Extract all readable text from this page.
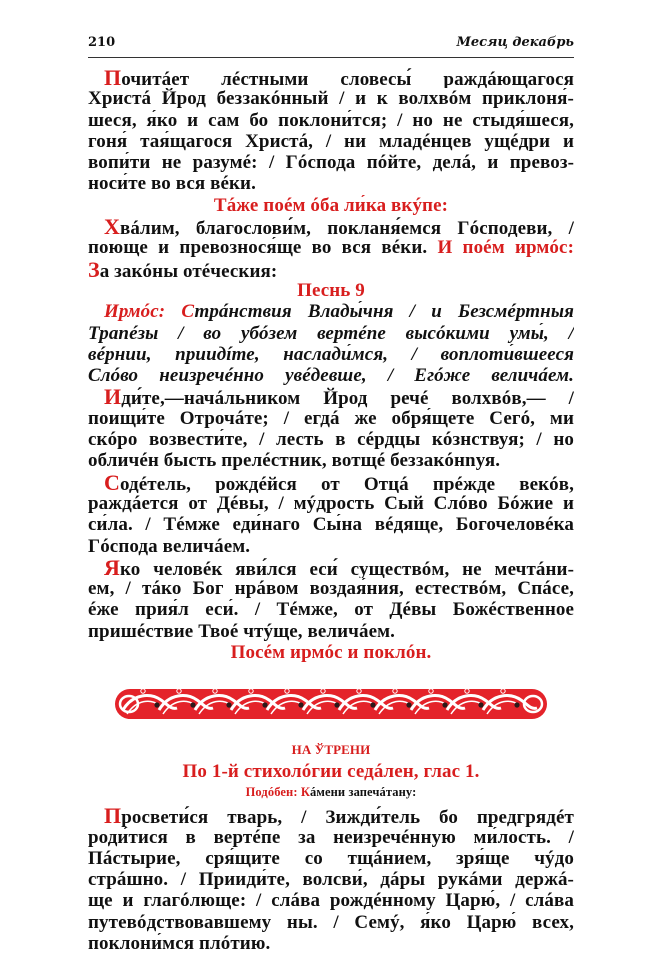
210	Месяц декабрь
Почитáет лéстными словесы́ раждáющагося
Христá Йрод беззакóнный / и к волхвóм приклоня́-
шеся, я́ко и сам бо поклони́тся; / но не стыдя́шеся,
гоня́ тая́щагося Христá, / ни младéнцев ущéдри и
вопи́ти не разумé: / Гóспода пóйте, делá, и превоз-
носи́те во вся вéки.
Тáже поéм óба ли́ка вкýпе:
Хвáлим, благослови́м, покланя́емся Гóсподеви, /
поюще и превознося́ще во вся вéки. И поéм ирмóс:
За закóны отéческия:
Песнь 9
Ирмóс: Стрáнствия Влады́чня / и Безсмéртныя
Трапéзы / во убóзем вертéпе высóкими умы́, /
вéрнии, приидíте, наслади́мся, / воплоти́вшееся
Слóво неизречéнно увéдевше, / Егóже величáем.
Иди́те,—начáльником Йрод речé волхвóв,— /
поищи́те Отрочáте; / егдá же обря́щете Сегó, ми
скóро возвести́те, / лесть в сéрдцы кóзнствуя; / но
обличéн бысть прелéстник, вотщé беззакóнnуя.
Содéтель, рождéйся от Отцá прéжде векóв,
раждáется от Дéвы, / мýдрость Сый Слóво Бóжие и
си́ла. / Тéмже еди́наго Сы́на вéдяще, Богочеловéка
Гóспода величáем.
Яко человéк яви́лся еси́ существóм, не мечтáни-
ем, / тáко Бог нрáвом воздая́ния, естествóм, Спáсе,
éже прия́л еси́. / Тéмже, от Дéвы Божéственное
пришéствие Твоé чтýще, величáем.
Посéм ирмóс и поклóн.
НА ЎТРЕНИ
По 1-й стихолóгии седáлен, глас 1.
Подóбен: Кáмени запечáтану:
Просвети́ся тварь, / Зижди́тель бо предгрядéт
роди́тися в вертéпе за неизречéнную ми́лость. /
Пáстырие, сря́щите со тщáнием, зря́ще чýдо
стрáшно. / Прииди́те, волсви́, дáры рукáми держá-
ще и глагóлюще: / слáва рождéнному Царю́, / слáва
путевóдствовавшему ны. / Семý, я́ко Царю́ всех,
поклони́мся плóтию.
